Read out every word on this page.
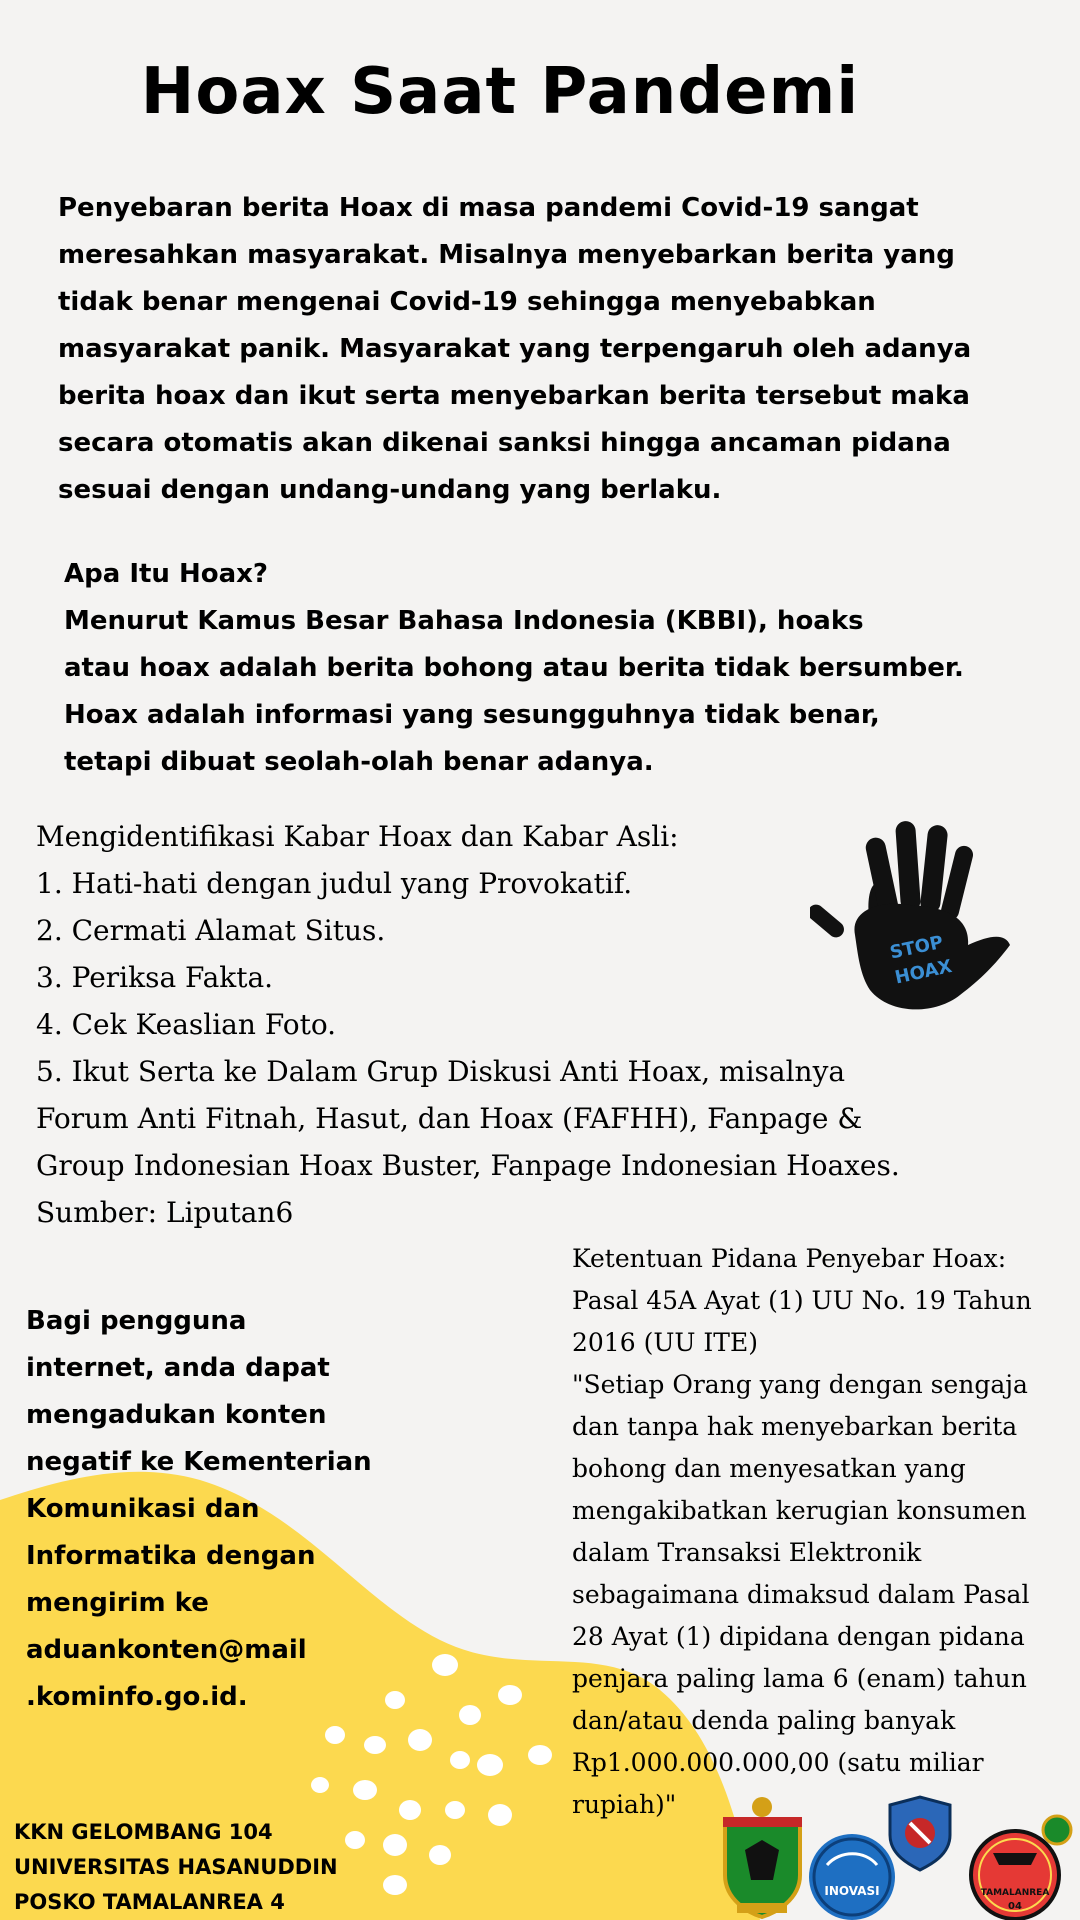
Hoax Saat Pandemi
Penyebaran berita Hoax di masa pandemi Covid-19 sangat
meresahkan masyarakat. Misalnya menyebarkan berita yang
tidak benar mengenai Covid-19 sehingga menyebabkan
masyarakat panik. Masyarakat yang terpengaruh oleh adanya
berita hoax dan ikut serta menyebarkan berita tersebut maka
secara otomatis akan dikenai sanksi hingga ancaman pidana
sesuai dengan undang-undang yang berlaku.
Apa Itu Hoax?
Menurut Kamus Besar Bahasa Indonesia (KBBI), hoaks
atau hoax adalah berita bohong atau berita tidak bersumber.
Hoax adalah informasi yang sesungguhnya tidak benar,
tetapi dibuat seolah-olah benar adanya.
Mengidentifikasi Kabar Hoax dan Kabar Asli:
1. Hati-hati dengan judul yang Provokatif.
2. Cermati Alamat Situs.
3. Periksa Fakta.
4. Cek Keaslian Foto.
5. Ikut Serta ke Dalam Grup Diskusi Anti Hoax, misalnya
Forum Anti Fitnah, Hasut, dan Hoax (FAFHH), Fanpage &
Group Indonesian Hoax Buster, Fanpage Indonesian Hoaxes.
Sumber: Liputan6
STOP
HOAX
Bagi pengguna
internet, anda dapat
mengadukan konten
negatif ke Kementerian
Komunikasi dan
Informatika dengan
mengirim ke
aduankonten@mail
.kominfo.go.id.
Ketentuan Pidana Penyebar Hoax:
Pasal 45A Ayat (1) UU No. 19 Tahun
2016 (UU ITE)
"Setiap Orang yang dengan sengaja
dan tanpa hak menyebarkan berita
bohong dan menyesatkan yang
mengakibatkan kerugian konsumen
dalam Transaksi Elektronik
sebagaimana dimaksud dalam Pasal
28 Ayat (1) dipidana dengan pidana
penjara paling lama 6 (enam) tahun
dan/atau denda paling banyak
Rp1.000.000.000,00 (satu miliar
rupiah)"
KKN GELOMBANG 104
UNIVERSITAS HASANUDDIN
POSKO TAMALANREA 4	INOVASI	TAMALANREA
04
